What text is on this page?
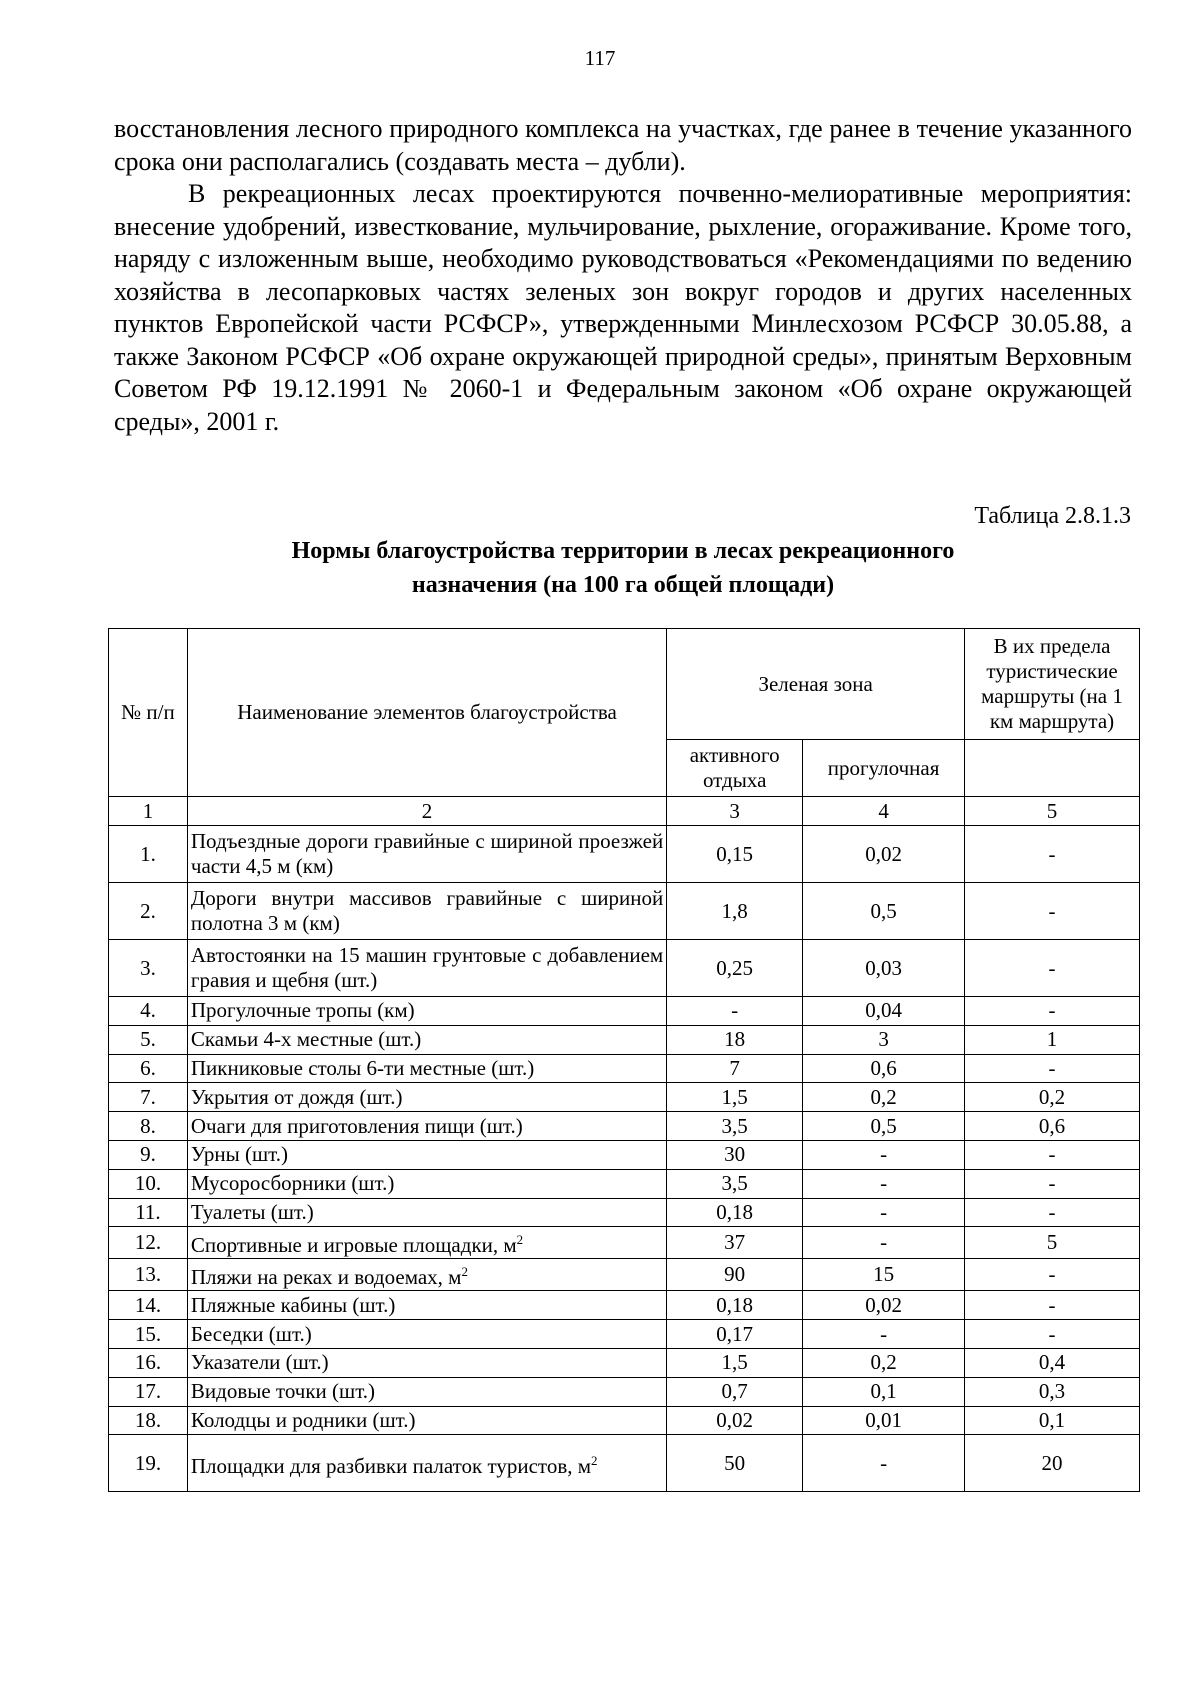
117

восстановления лесного природного комплекса на участках, где ранее в течение указанного срока они располагались (создавать места – дубли).

В рекреационных лесах проектируются почвенно-мелиоративные мероприятия: внесение удобрений, известкование, мульчирование, рыхление, огораживание. Кроме того, наряду с изложенным выше, необходимо руководствоваться «Рекомендациями по ведению хозяйства в лесопарковых частях зеленых зон вокруг городов и других населенных пунктов Европейской части РСФСР», утвержденными Минлесхозом РСФСР 30.05.88, а также Законом РСФСР «Об охране окружающей природной среды», принятым Верховным Советом РФ 19.12.1991 № 2060-1 и Федеральным законом «Об охране окружающей среды», 2001 г.

Таблица 2.8.1.3
Нормы благоустройства территории в лесах рекреационного
назначения (на 100 га общей площади)
№ п/п	Наименование элементов благоустройства	Зеленая зона		В их предела туристические маршруты (на 1 км маршрута)
		активного отдыха	прогулочная	
1	2	3	4	5
1.	Подъездные дороги гравийные с шириной проезжей части 4,5 м (км)	0,15	0,02	-
2.	Дороги внутри массивов гравийные с шириной полотна 3 м (км)	1,8	0,5	-
3.	Автостоянки на 15 машин грунтовые с добавлением гравия и щебня (шт.)	0,25	0,03	-
4.	Прогулочные тропы (км)	-	0,04	-
5.	Скамьи 4-х местные (шт.)	18	3	1
6.	Пикниковые столы 6-ти местные (шт.)	7	0,6	-
7.	Укрытия от дождя (шт.)	1,5	0,2	0,2
8.	Очаги для приготовления пищи (шт.)	3,5	0,5	0,6
9.	Урны (шт.)	30	-	-
10.	Мусоросборники (шт.)	3,5	-	-
11.	Туалеты (шт.)	0,18	-	-
12.	Спортивные и игровые площадки, $м^2$	37	-	5
13.	Пляжи на реках и водоемах, $м^2$	90	15	-
14.	Пляжные кабины (шт.)	0,18	0,02	-
15.	Беседки (шт.)	0,17	-	-
16.	Указатели (шт.)	1,5	0,2	0,4
17.	Видовые точки (шт.)	0,7	0,1	0,3
18.	Колодцы и родники (шт.)	0,02	0,01	0,1
19.	Площадки для разбивки палаток туристов, $м^2$	50	-	20
